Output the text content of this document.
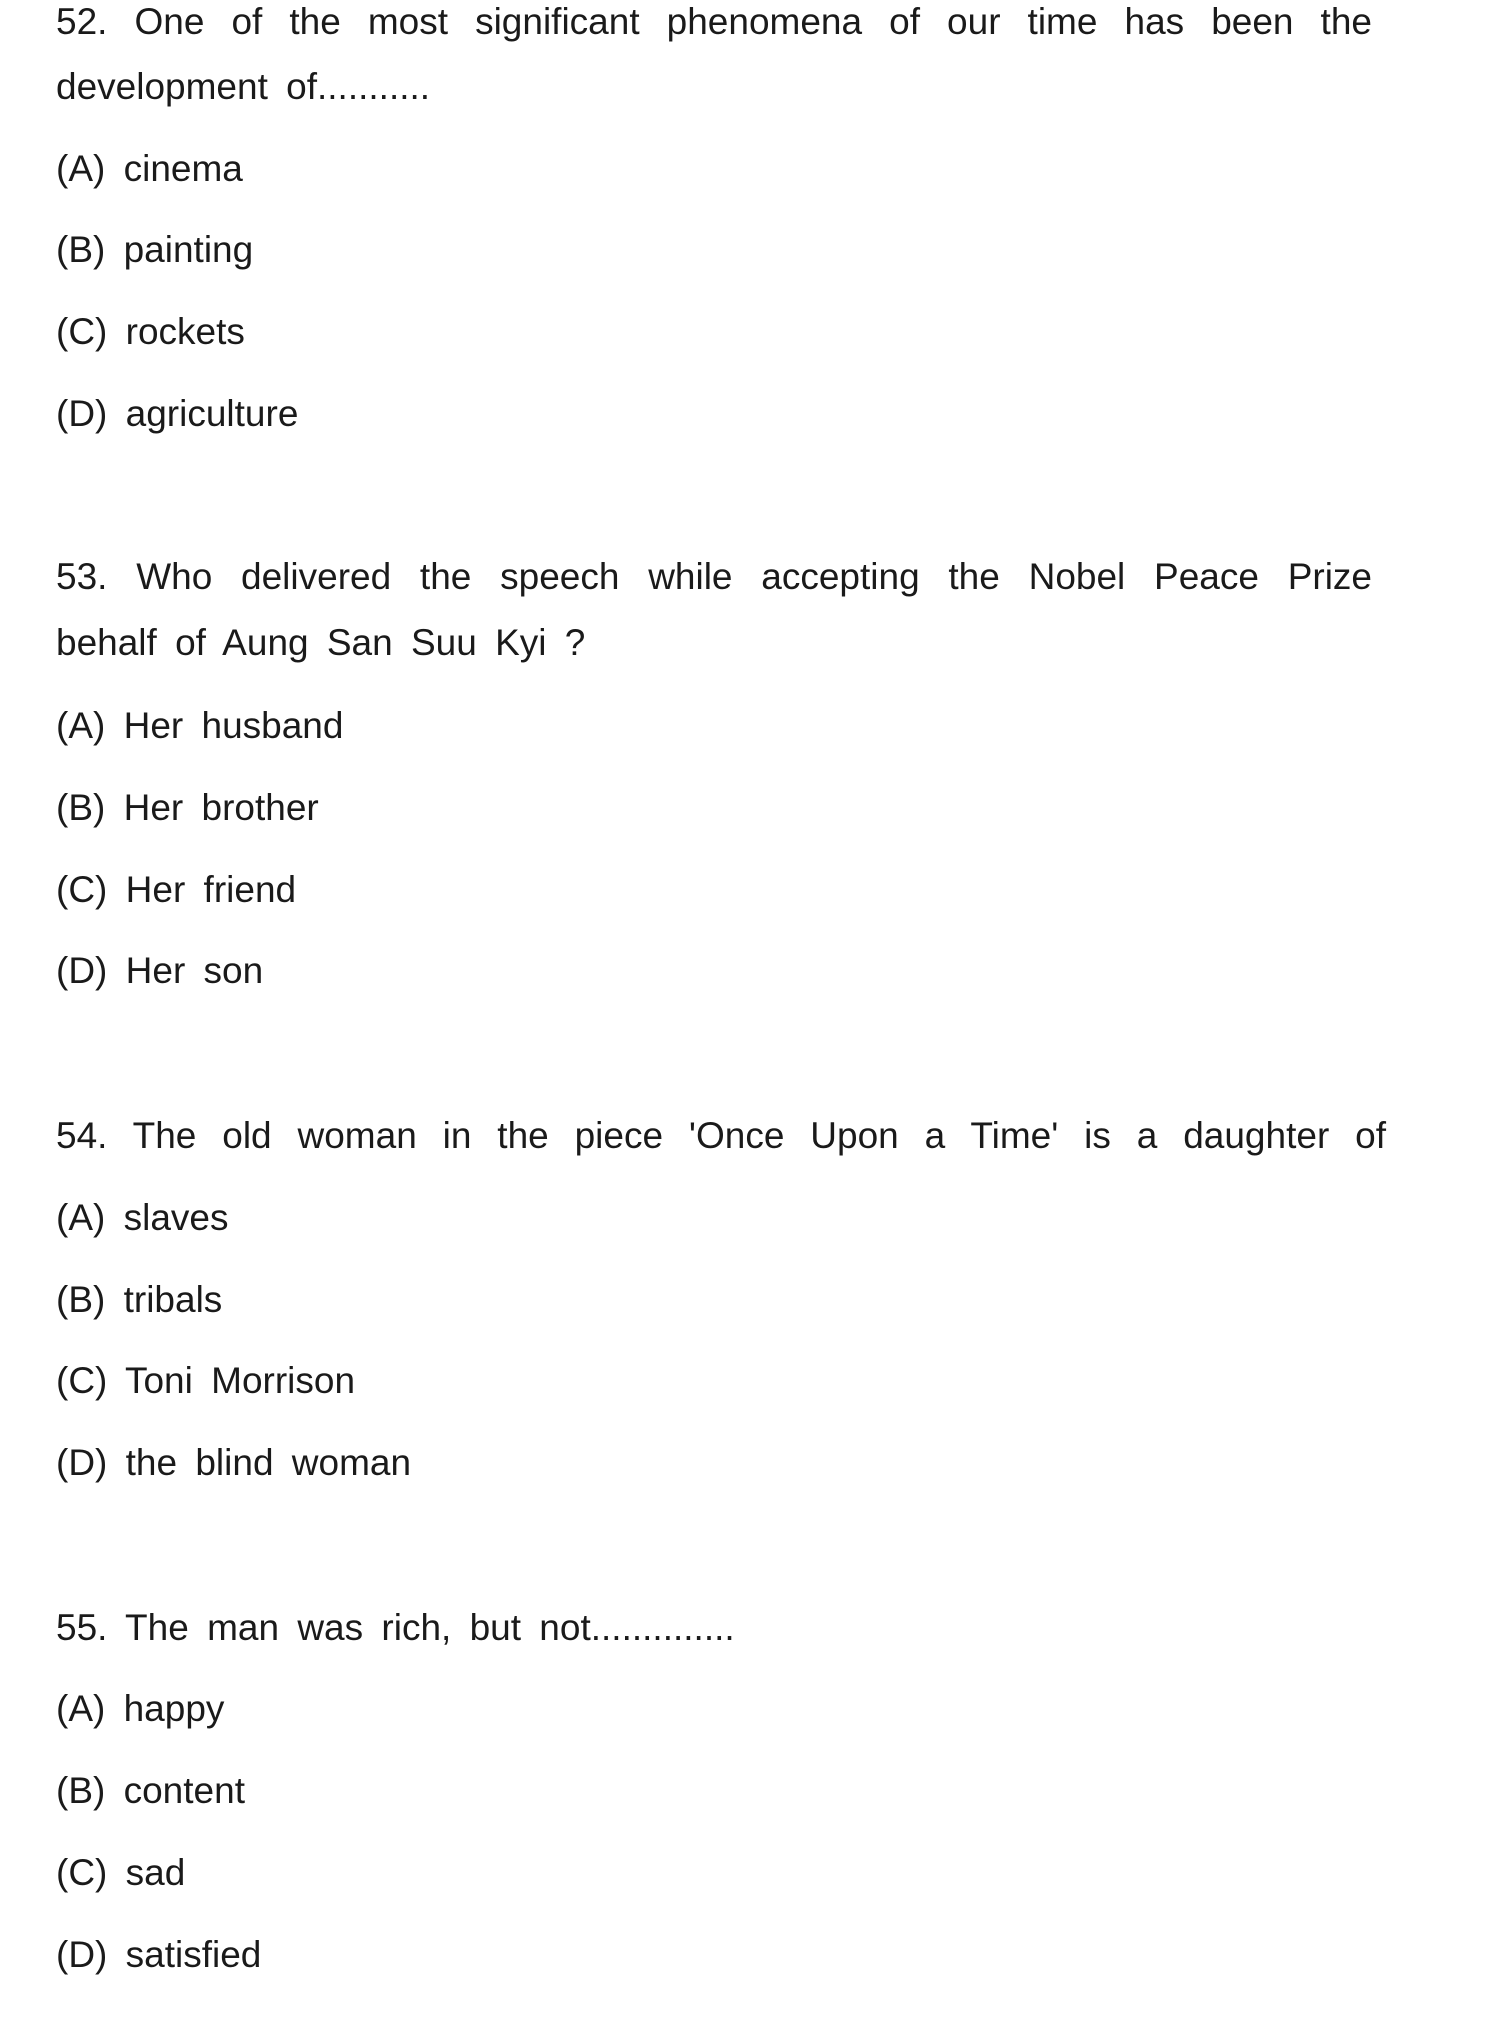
52. One of the most significant phenomena of our time has been the
development of...........
(A) cinema
(B) painting
(C) rockets
(D) agriculture
53. Who delivered the speech while accepting the Nobel Peace Prize
behalf of Aung San Suu Kyi ?
(A) Her husband
(B) Her brother
(C) Her friend
(D) Her son
54. The old woman in the piece 'Once Upon a Time' is a daughter of
(A) slaves
(B) tribals
(C) Toni Morrison
(D) the blind woman
55. The man was rich, but not..............
(A) happy
(B) content
(C) sad
(D) satisfied
